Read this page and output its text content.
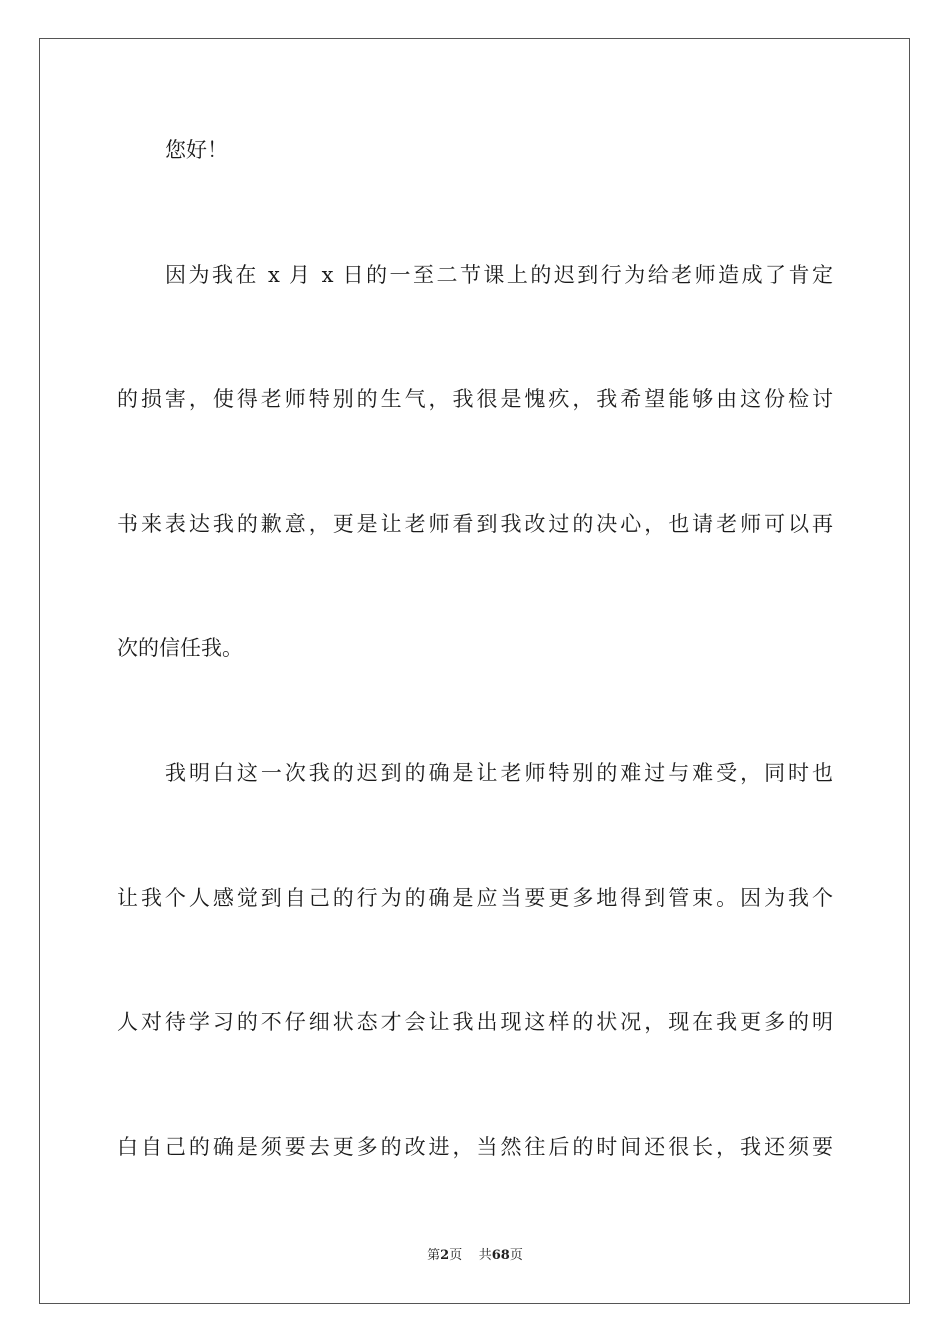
您好！
因为我在 x 月 x 日的一至二节课上的迟到行为给老师造成了肯定
的损害，使得老师特别的生气，我很是愧疚，我希望能够由这份检讨
书来表达我的歉意，更是让老师看到我改过的决心，也请老师可以再
次的信任我。
我明白这一次我的迟到的确是让老师特别的难过与难受，同时也
让我个人感觉到自己的行为的确是应当要更多地得到管束。因为我个
人对待学习的不仔细状态才会让我出现这样的状况，现在我更多的明
白自己的确是须要去更多的改进，当然往后的时间还很长，我还须要
第2页 共68页
